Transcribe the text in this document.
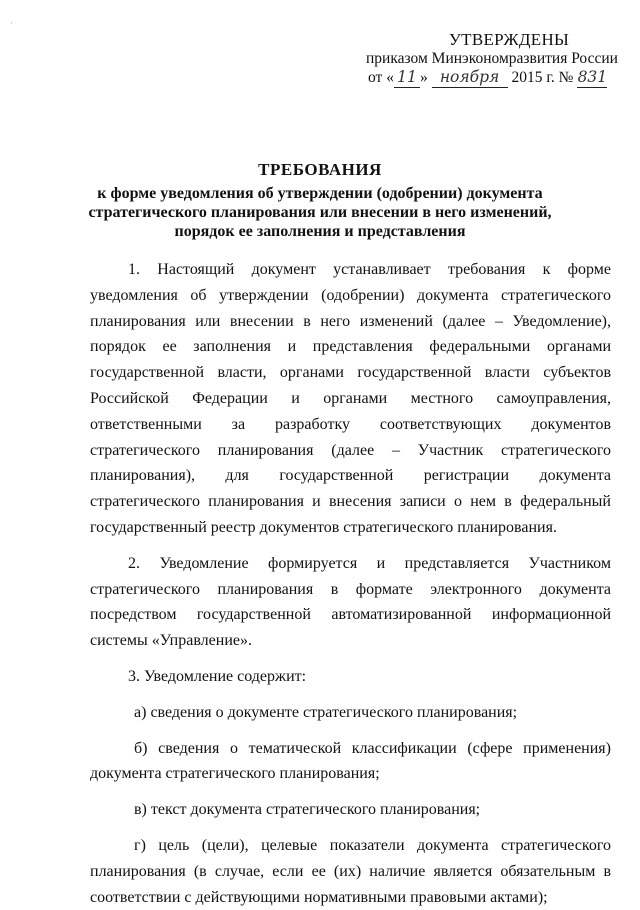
·
УТВЕРЖДЕНЫ
приказом Минэкономразвития России
от « 11 » ноября 2015 г. № 831
ТРЕБОВАНИЯ
к форме уведомления об утверждении (одобрении) документа стратегического планирования или внесении в него изменений, порядок ее заполнения и представления

1. Настоящий документ устанавливает требования к форме уведомления об утверждении (одобрении) документа стратегического планирования или внесении в него изменений (далее – Уведомление), порядок ее заполнения и представления федеральными органами государственной власти, органами государственной власти субъектов Российской Федерации и органами местного самоуправления, ответственными за разработку соответствующих документов стратегического планирования (далее – Участник стратегического планирования), для государственной регистрации документа стратегического планирования и внесения записи о нем в федеральный государственный реестр документов стратегического планирования.

2. Уведомление формируется и представляется Участником стратегического планирования в формате электронного документа посредством государственной автоматизированной информационной системы «Управление».

3. Уведомление содержит:

а) сведения о документе стратегического планирования;

б) сведения о тематической классификации (сфере применения) документа стратегического планирования;

в) текст документа стратегического планирования;

г) цель (цели), целевые показатели документа стратегического планирования (в случае, если ее (их) наличие является обязательным в соответствии с действующими нормативными правовыми актами);
